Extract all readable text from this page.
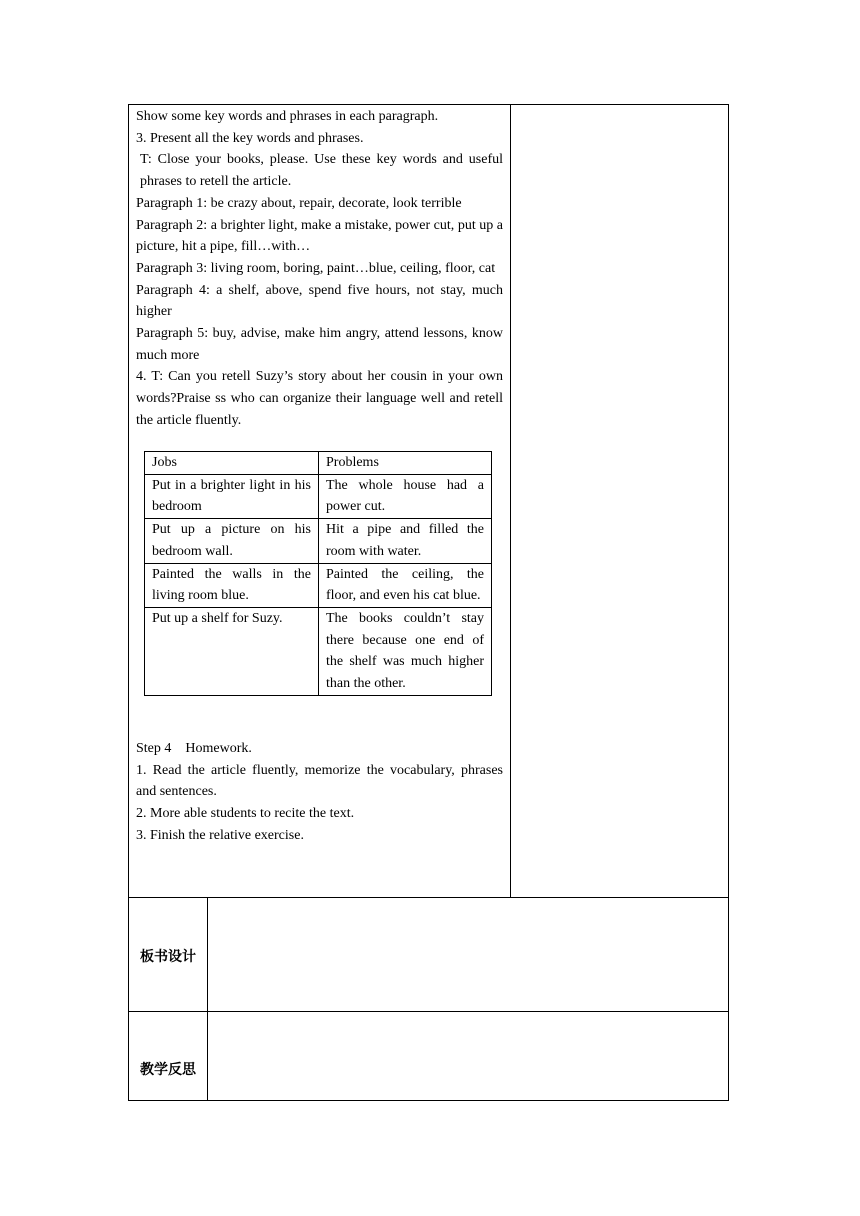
Show some key words and phrases in each paragraph.

3. Present all the key words and phrases.

T: Close your books, please. Use these key words and useful phrases to retell the article.

Paragraph 1: be crazy about, repair, decorate, look terrible

Paragraph 2: a brighter light, make a mistake, power cut, put up a picture, hit a pipe, fill…with…

Paragraph 3: living room, boring, paint…blue, ceiling, floor, cat

Paragraph 4: a shelf, above, spend five hours, not stay, much higher

Paragraph 5: buy, advise, make him angry, attend lessons, know much more

4. T: Can you retell Suzy’s story about her cousin in your own words?Praise ss who can organize their language well and retell the article fluently.

Jobs	Problems
Put in a brighter light in his bedroom	The whole house had a power cut.
Put up a picture on his bedroom wall.	Hit a pipe and filled the room with water.
Painted the walls in the living room blue.	Painted the ceiling, the floor, and even his cat blue.
Put up a shelf for Suzy.	The books couldn’t stay there because one end of the shelf was much higher than the other.

Step 4    Homework.

1. Read the article fluently, memorize the vocabulary, phrases and sentences.

2. More able students to recite the text.

3. Finish the relative exercise.

板书设计
教学反思
